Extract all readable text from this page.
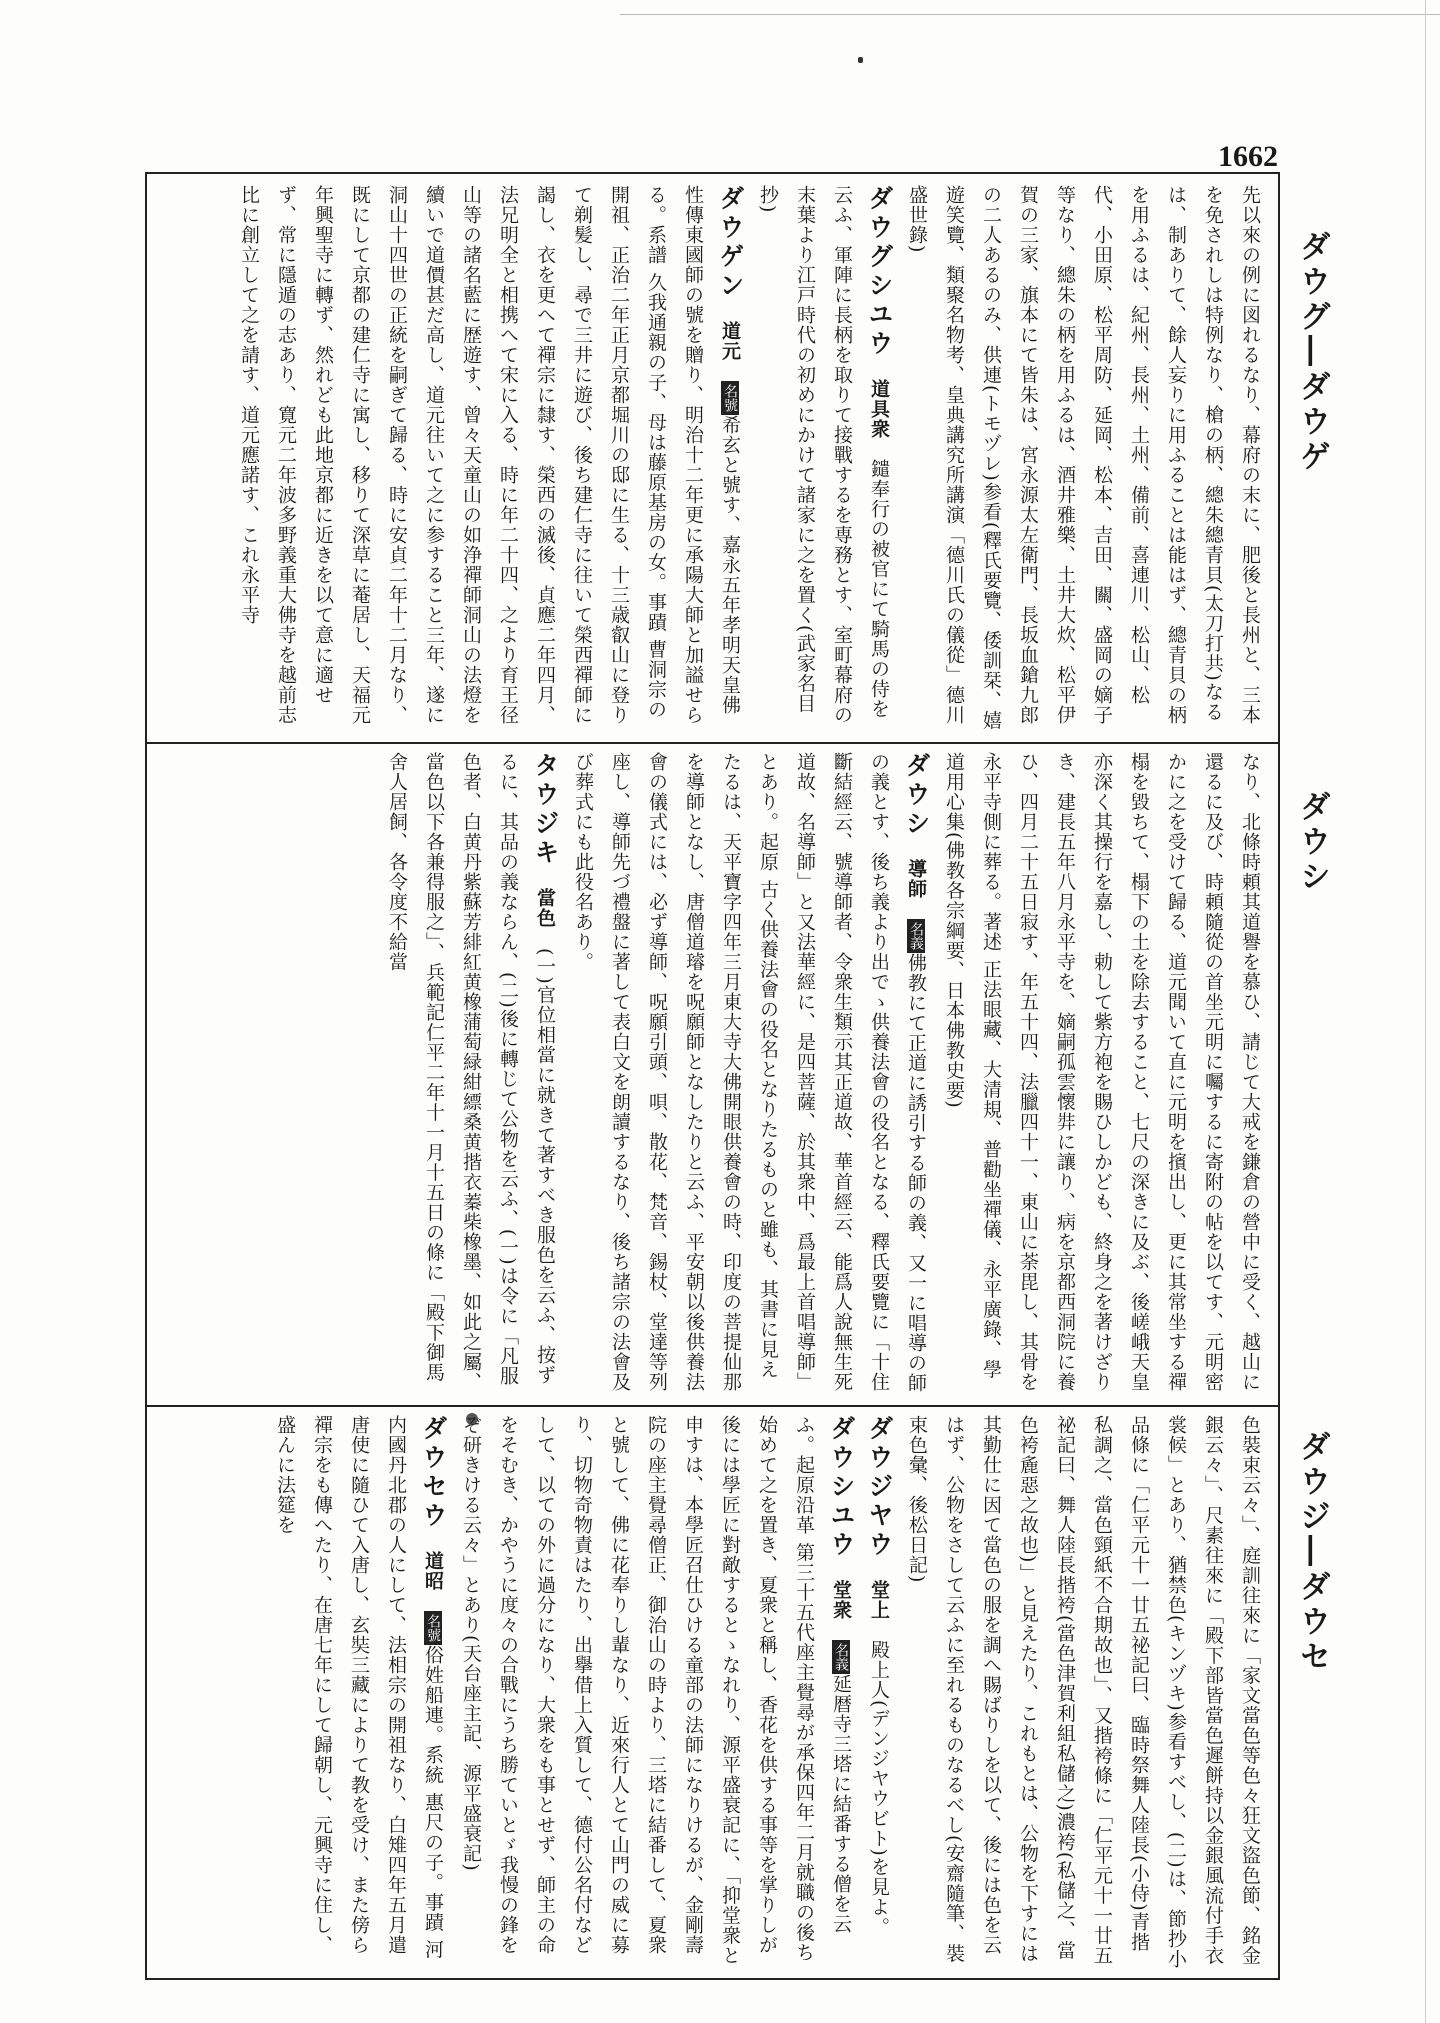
1662
ダウグ―ダウゲ
ダウシ
ダウジ―ダウセ

先以來の例に図れるなり、幕府の末に、肥後と長州と、三本を免されしは特例なり、槍の柄、總朱總青貝(太刀打共)なるは、制ありて、餘人妄りに用ふることは能はず、總青貝の柄を用ふるは、紀州、長州、土州、備前、喜連川、松山、松代、小田原、松平周防、延岡、松本、吉田、關、盛岡の嫡子等なり、總朱の柄を用ふるは、酒井雅樂、土井大炊、松平伊賀の三家、旗本にて皆朱は、宮永源太左衛門、長坂血鎗九郎の二人あるのみ、供連(トモヅレ)参看(釋氏要覽、倭訓栞、嬉遊笑覽、類聚名物考、皇典講究所講演「德川氏の儀從」德川盛世錄)

ダウグシユウ　道具衆　鑓奉行の被官にて騎馬の侍を云ふ、軍陣に長柄を取りて接戰するを専務とす、室町幕府の末葉より江戸時代の初めにかけて諸家に之を置く(武家名目抄)

ダウゲン　道元　名號希玄と號す、嘉永五年孝明天皇佛性傳東國師の號を贈り、明治十二年更に承陽大師と加謚せらる。系譜 久我通親の子、母は藤原基房の女。事蹟 曹洞宗の開祖、正治二年正月京都堀川の邸に生る、十三歳叡山に登りて剃髪し、尋で三井に遊び、後ち建仁寺に往いて榮西禪師に謁し、衣を更へて禪宗に隸す、榮西の滅後、貞應二年四月、法兄明全と相携へて宋に入る、時に年二十四、之より育王径山等の諸名藍に歴遊す、曾々天童山の如浄禪師洞山の法燈を續いで道價甚だ高し、道元往いて之に参すること三年、遂に洞山十四世の正統を嗣ぎて歸る、時に安貞二年十二月なり、既にして京都の建仁寺に寓し、移りて深草に菴居し、天福元年興聖寺に轉ず、然れども此地京都に近きを以て意に適せず、常に隱遁の志あり、寛元二年波多野義重大佛寺を越前志比に創立して之を請す、道元應諾す、これ永平寺

なり、北條時頼其道譽を慕ひ、請じて大戒を鎌倉の營中に受く、越山に還るに及び、時頼隨從の首坐元明に囑するに寄附の帖を以てす、元明密かに之を受けて歸る、道元聞いて直に元明を擯出し、更に其常坐する禪榻を毀ちて、榻下の土を除去すること、七尺の深きに及ぶ、後嵯峨天皇亦深く其操行を嘉し、勅して紫方袍を賜ひしかども、終身之を著けざりき、建長五年八月永平寺を、嫡嗣孤雲懷弉に讓り、病を京都西洞院に養ひ、四月二十五日寂す、年五十四、法臘四十一、東山に荼毘し、其骨を永平寺側に葬る。著述 正法眼藏、大清規、普勸坐禪儀、永平廣錄、學道用心集(佛教各宗綱要、日本佛教史要)

ダウシ　導師　名義佛教にて正道に誘引する師の義、又一に唱導の師の義とす、後ち義より出でゝ供養法會の役名となる、釋氏要覽に「十住斷結經云、號導師者、令衆生類示其正道故、華首經云、能爲人說無生死道故、名導師」と又法華經に、是四菩薩、於其衆中、爲最上首唱導師」とあり。起原 古く供養法會の役名となりたるものと雖も、其書に見えたるは、天平寶字四年三月東大寺大佛開眼供養會の時、印度の菩提仙那を導師となし、唐僧道璿を呪願師となしたりと云ふ、平安朝以後供養法會の儀式には、必ず導師、呪願引頭、唄、散花、梵音、錫杖、堂達等列座し、導師先づ禮盤に著して表白文を朗讀するなり、後ち諸宗の法會及び葬式にも此役名あり。

タウジキ　當色　(一)官位相當に就きて著すべき服色を云ふ、按ずるに、其品の義ならん、(二)後に轉じて公物を云ふ、(一)は令に「凡服色者、白黄丹紫蘇芳緋紅黄橡蒲萄緑紺縹桑黄揩衣蓁柴橡墨、如此之屬、當色以下各兼得服之」、兵範記仁平二年十一月十五日の條に「殿下御馬舍人居飼、各令度不給當

色裝束云々」、庭訓往來に「家文當色等色々狂文盜色節、銘金銀云々」、尺素往來に「殿下部皆當色遲餅持以金銀風流付手衣裳候」とあり、猶禁色(キンヅキ)参看すべし、(二)は、節抄小品條に「仁平元十一廿五祕記曰、臨時祭舞人陸長(小侍)青揩私調之、當色頸紙不合期故也」、又揩袴條に「仁平元十一廿五祕記曰、舞人陸長揩袴(當色津賀利組私儲之)濃袴(私儲之、當色袴麁惡之故也)」と見えたり、これもとは、公物を下すには其勤仕に因て當色の服を調へ賜ばりしを以て、後には色を云はず、公物をさして云ふに至れるものなるべし(安齋隨筆、裝束色彙、後松日記)

ダウジヤウ　堂上　殿上人(デンジヤウビト)を見よ。

ダウシユウ　堂衆　名義延暦寺三塔に結番する僧を云ふ。起原沿革 第三十五代座主覺尋が承保四年二月就職の後ち始めて之を置き、夏衆と稱し、香花を供する事等を掌りしが後には學匠に對敵するとゝなれり、源平盛衰記に、「抑堂衆と申すは、本學匠召仕ひける童部の法師になりけるが、金剛壽院の座主覺尋僧正、御治山の時より、三塔に結番して、夏衆と號して、佛に花奉りし輩なり、近來行人とて山門の威に募り、切物奇物責はたり、出擧借上入質して、德付公名付などして、以ての外に過分になり、大衆をも事とせず、師主の命をそむき、かやうに度々の合戰にうち勝ていとゞ我慢の鋒をぞ研きける云々」とあり(天台座主記、源平盛衰記)

ダウセウ　道昭　名號俗姓船連。系統 惠尺の子。事蹟 河内國丹北郡の人にして、法相宗の開祖なり、白雉四年五月遣唐使に隨ひて入唐し、玄奘三藏によりて教を受け、また傍ら禪宗をも傳へたり、在唐七年にして歸朝し、元興寺に住し、盛んに法筵を
